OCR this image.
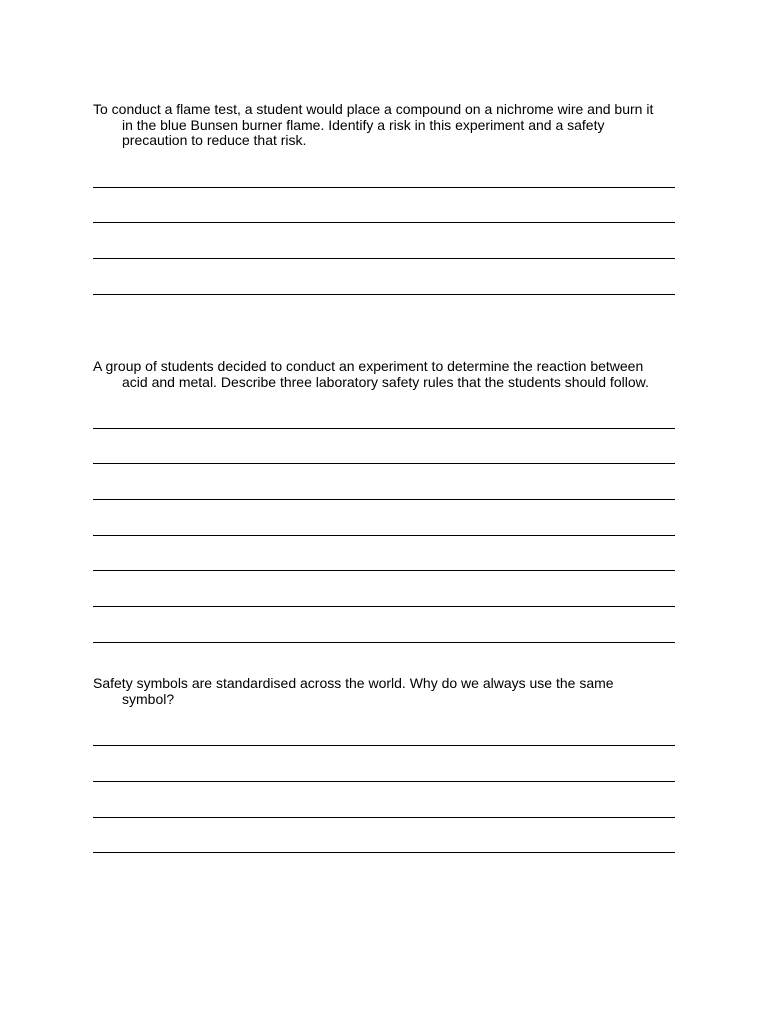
To conduct a flame test, a student would place a compound on a nichrome wire and burn it
in the blue Bunsen burner flame. Identify a risk in this experiment and a safety
precaution to reduce that risk.

A group of students decided to conduct an experiment to determine the reaction between
acid and metal. Describe three laboratory safety rules that the students should follow.

Safety symbols are standardised across the world. Why do we always use the same
symbol?
